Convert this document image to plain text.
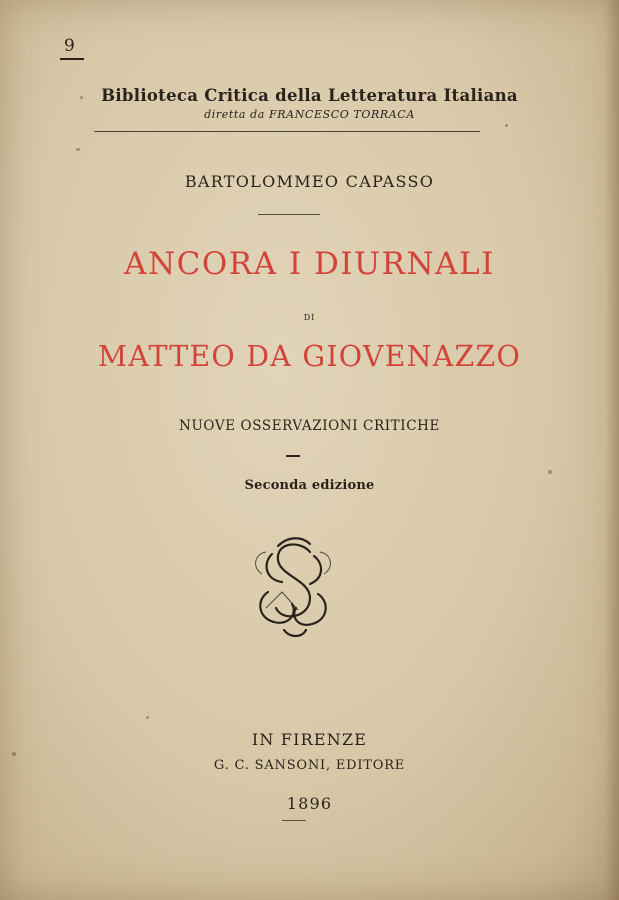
9
Biblioteca Critica della Letteratura Italiana
diretta da FRANCESCO TORRACA
BARTOLOMMEO CAPASSO
ANCORA I DIURNALI
DI
MATTEO DA GIOVENAZZO
NUOVE OSSERVAZIONI CRITICHE
Seconda edizione
IN FIRENZE
G. C. SANSONI, EDITORE
1896
